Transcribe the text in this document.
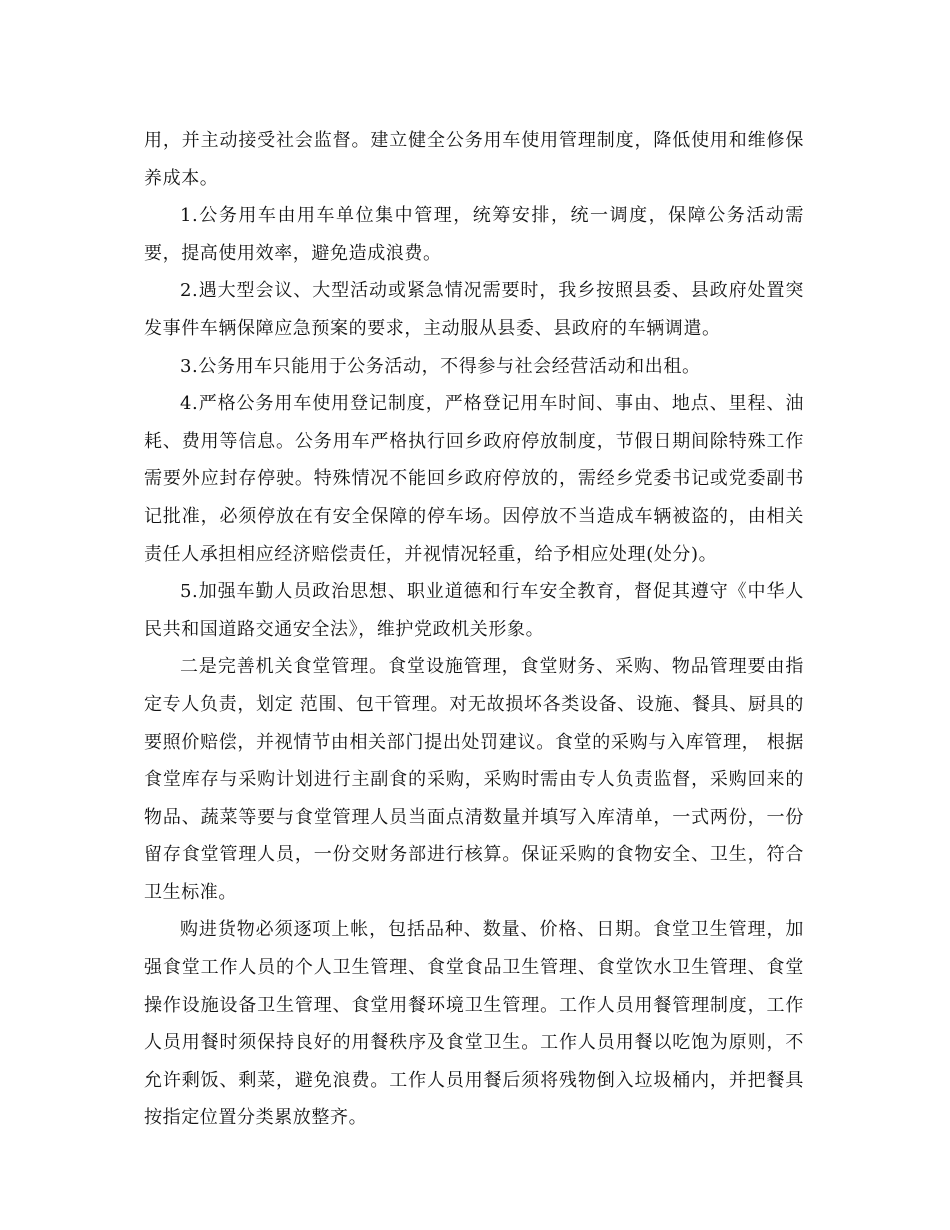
用，并主动接受社会监督。建立健全公务用车使用管理制度，降低使用和维修保养成本。

1.公务用车由用车单位集中管理，统筹安排，统一调度，保障公务活动需要，提高使用效率，避免造成浪费。

2.遇大型会议、大型活动或紧急情况需要时，我乡按照县委、县政府处置突发事件车辆保障应急预案的要求，主动服从县委、县政府的车辆调遣。

3.公务用车只能用于公务活动，不得参与社会经营活动和出租。

4.严格公务用车使用登记制度，严格登记用车时间、事由、地点、里程、油耗、费用等信息。公务用车严格执行回乡政府停放制度，节假日期间除特殊工作需要外应封存停驶。特殊情况不能回乡政府停放的，需经乡党委书记或党委副书记批准，必须停放在有安全保障的停车场。因停放不当造成车辆被盗的，由相关责任人承担相应经济赔偿责任，并视情况轻重，给予相应处理(处分)。

5.加强车勤人员政治思想、职业道德和行车安全教育，督促其遵守《中华人民共和国道路交通安全法》，维护党政机关形象。

二是完善机关食堂管理。食堂设施管理，食堂财务、采购、物品管理要由指定专人负责，划定 范围、包干管理。对无故损坏各类设备、设施、餐具、厨具的要照价赔偿，并视情节由相关部门提出处罚建议。食堂的采购与入库管理， 根据食堂库存与采购计划进行主副食的采购，采购时需由专人负责监督，采购回来的物品、蔬菜等要与食堂管理人员当面点清数量并填写入库清单，一式两份，一份留存食堂管理人员，一份交财务部进行核算。保证采购的食物安全、卫生，符合卫生标准。

购进货物必须逐项上帐，包括品种、数量、价格、日期。食堂卫生管理，加强食堂工作人员的个人卫生管理、食堂食品卫生管理、食堂饮水卫生管理、食堂操作设施设备卫生管理、食堂用餐环境卫生管理。工作人员用餐管理制度，工作人员用餐时须保持良好的用餐秩序及食堂卫生。工作人员用餐以吃饱为原则，不允许剩饭、剩菜，避免浪费。工作人员用餐后须将残物倒入垃圾桶内，并把餐具按指定位置分类累放整齐。
